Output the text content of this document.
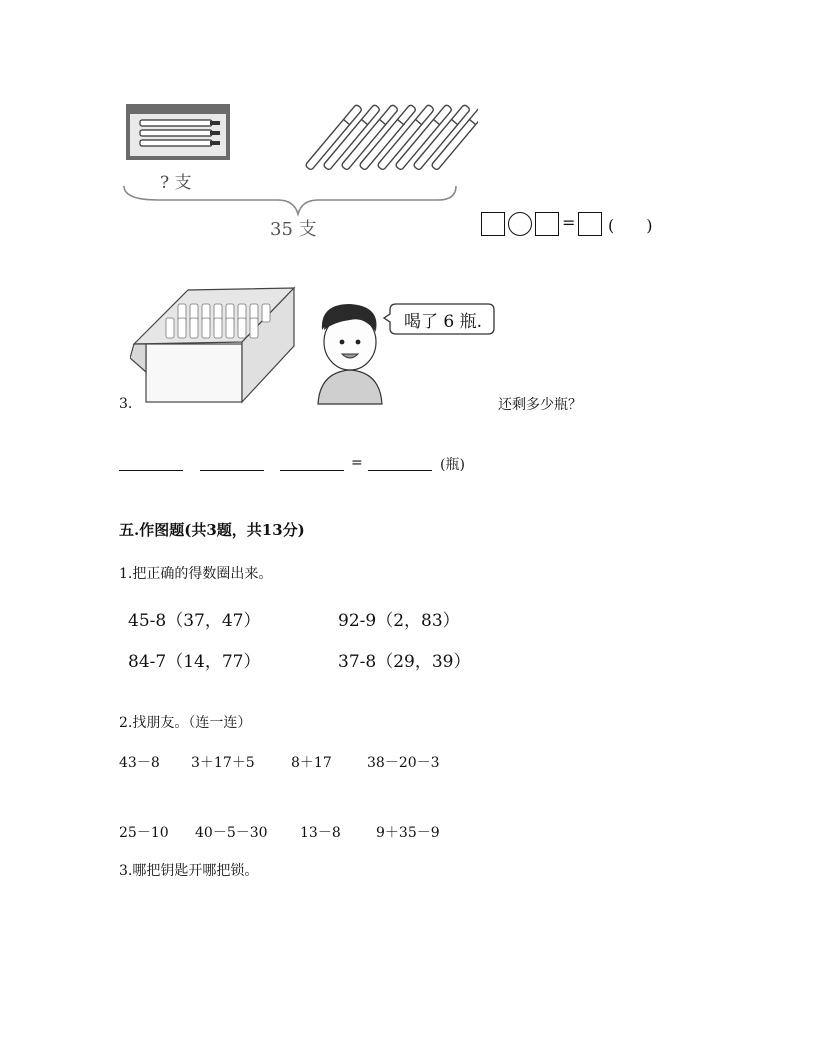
? 支
35 支	= (　　)
喝了 6 瓶.
3.	还剩多少瓶？
=	(瓶)
五.作图题(共3题，共13分)
1.把正确的得数圈出来。
45-8（37，47）	92-9（2，83）
84-7（14，77）	37-8（29，39）
2.找朋友。（连一连）
43－8 3＋17＋5	8＋17	38－20－3
25－10 40－5－30 13－8	9＋35－9
3.哪把钥匙开哪把锁。
